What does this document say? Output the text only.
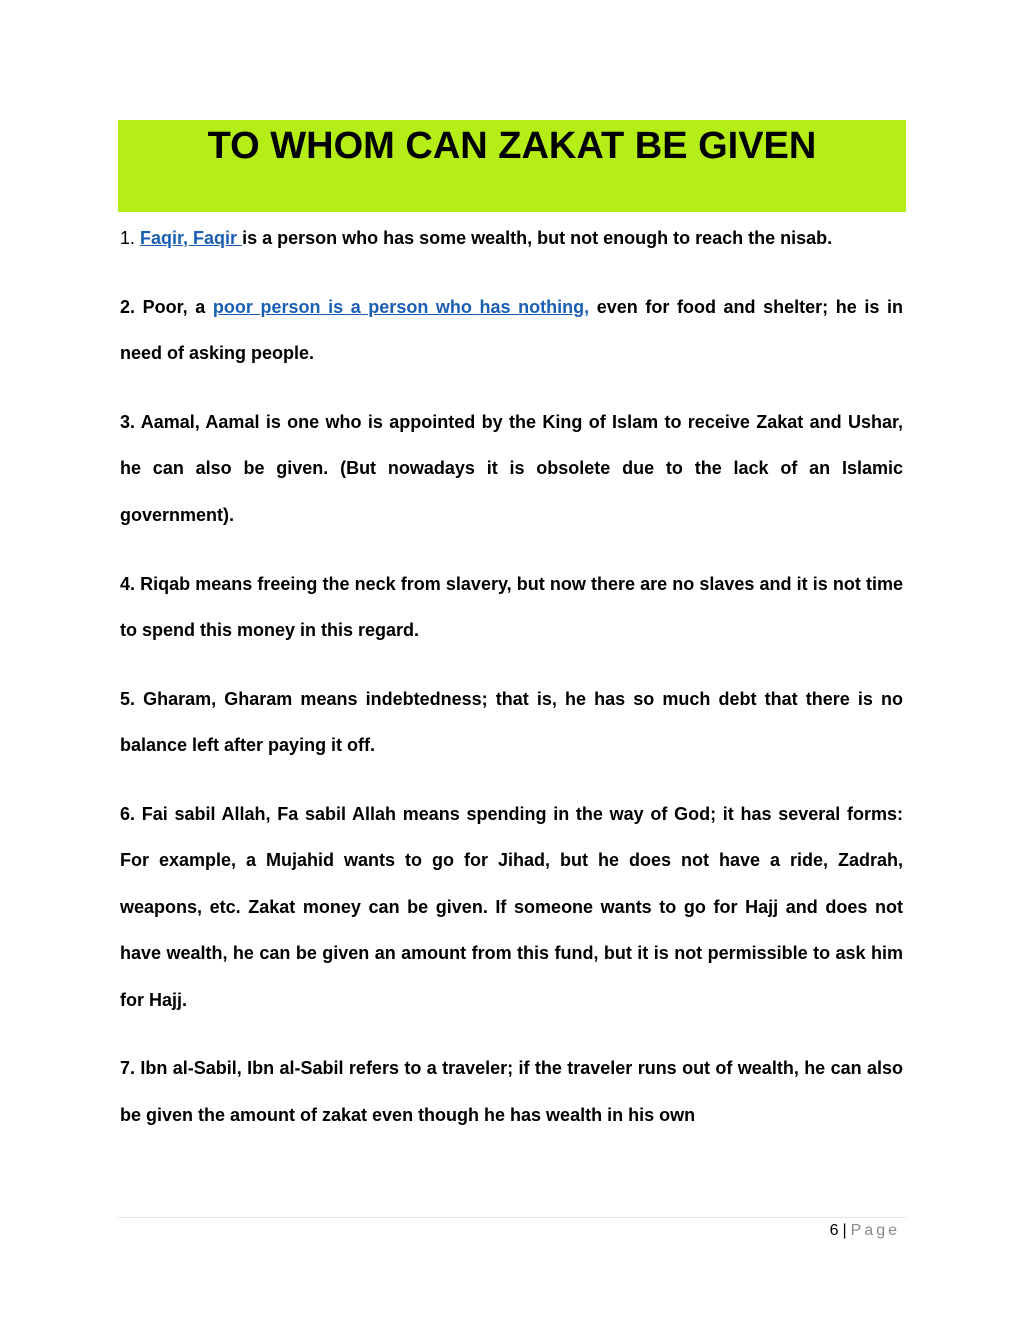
TO WHOM CAN ZAKAT BE GIVEN

1. Faqir, Faqir is a person who has some wealth, but not enough to reach the nisab.

2. Poor, a poor person is a person who has nothing, even for food and shelter; he is in need of asking people.

3. Aamal, Aamal is one who is appointed by the King of Islam to receive Zakat and Ushar, he can also be given. (But nowadays it is obsolete due to the lack of an Islamic government).

4. Riqab means freeing the neck from slavery, but now there are no slaves and it is not time to spend this money in this regard.

5. Gharam, Gharam means indebtedness; that is, he has so much debt that there is no balance left after paying it off.

6. Fai sabil Allah, Fa sabil Allah means spending in the way of God; it has several forms: For example, a Mujahid wants to go for Jihad, but he does not have a ride, Zadrah, weapons, etc. Zakat money can be given. If someone wants to go for Hajj and does not have wealth, he can be given an amount from this fund, but it is not permissible to ask him for Hajj.

7. Ibn al-Sabil, Ibn al-Sabil refers to a traveler; if the traveler runs out of wealth, he can also be given the amount of zakat even though he has wealth in his own

6 | Page
